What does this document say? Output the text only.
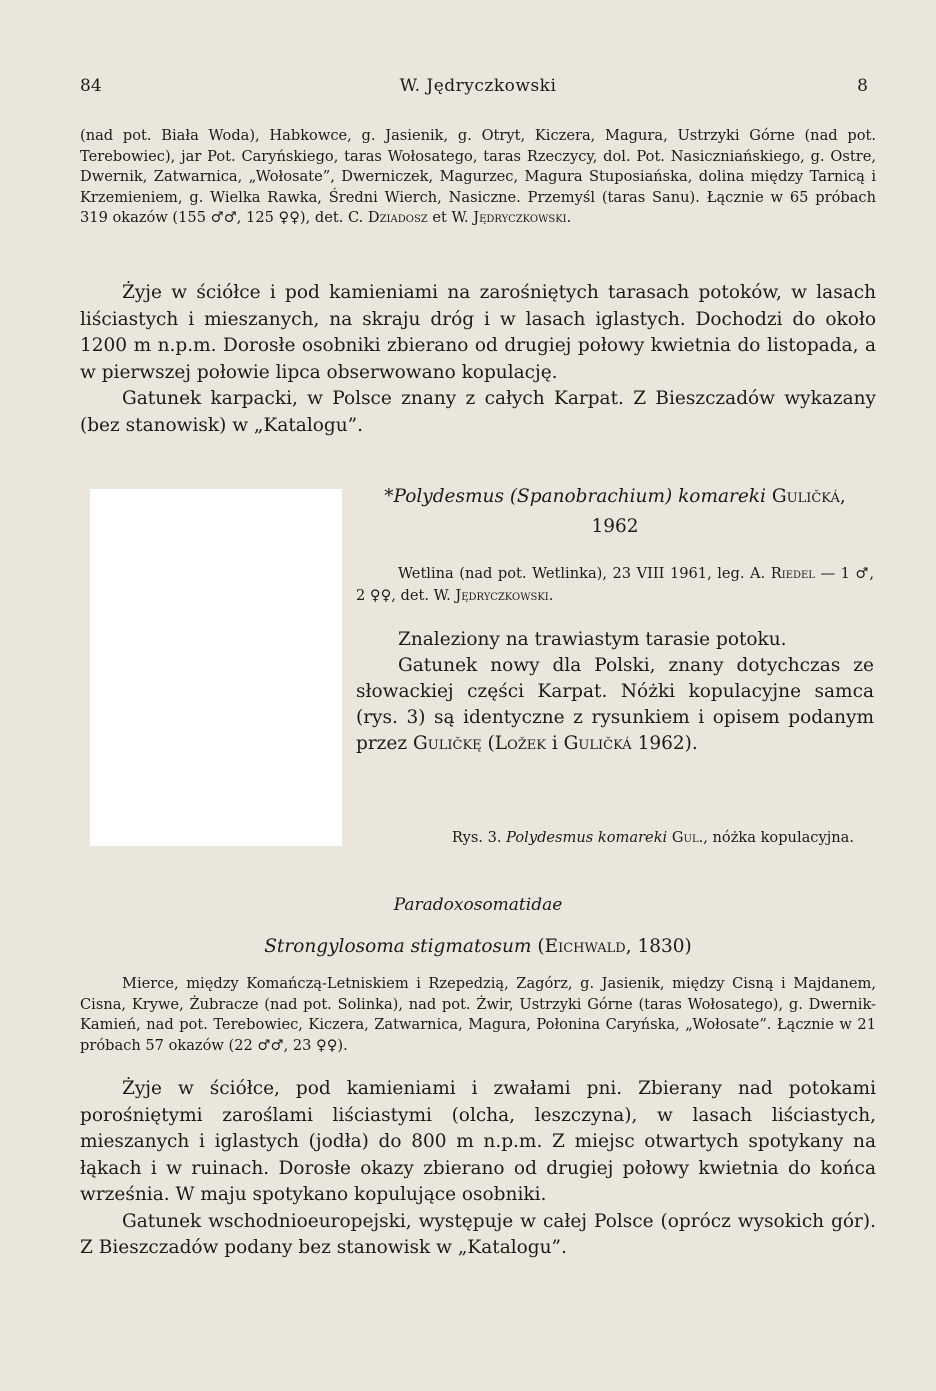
84	W. Jędryczkowski	8
(nad pot. Biała Woda), Habkowce, g. Jasienik, g. Otryt, Kiczera, Magura, Ustrzyki Górne (nad pot. Terebowiec), jar Pot. Caryńskiego, taras Wołosatego, taras Rzeczycy, dol. Pot. Nasiczniańskiego, g. Ostre, Dwernik, Zatwarnica, „Wołosate”, Dwerniczek, Magurzec, Magura Stuposiańska, dolina między Tarnicą i Krzemieniem, g. Wielka Rawka, Średni Wierch, Nasiczne. Przemyśl (taras Sanu). Łącznie w 65 próbach 319 okazów (155 ♂♂, 125 ♀♀), det. C. Dziadosz et W. Jędryczkowski.

Żyje w ściółce i pod kamieniami na zarośniętych tarasach potoków, w lasach liściastych i mieszanych, na skraju dróg i w lasach iglastych. Dochodzi do około 1200 m n.p.m. Dorosłe osobniki zbierano od drugiej połowy kwietnia do listopada, a w pierwszej połowie lipca obserwowano kopulację.

Gatunek karpacki, w Polsce znany z całych Karpat. Z Bieszczadów wykazany (bez stanowisk) w „Katalogu”.

*Polydesmus (Spanobrachium) komareki Guličká,
1962

Wetlina (nad pot. Wetlinka), 23 VIII 1961, leg. A. Riedel — 1 ♂, 2 ♀♀, det. W. Jędryczkowski.

Znaleziony na trawiastym tarasie potoku.

Gatunek nowy dla Polski, znany dotychczas ze słowackiej części Karpat. Nóżki kopulacyjne samca (rys. 3) są identyczne z rysunkiem i opisem podanym przez Guličkę (Ložek i Guličká 1962).

Rys. 3. Polydesmus komareki Gul., nóżka kopulacyjna.
Paradoxosomatidae
Strongylosoma stigmatosum (Eichwald, 1830)

Mierce, między Komańczą-Letniskiem i Rzepedzią, Zagórz, g. Jasienik, między Cisną i Majdanem, Cisna, Krywe, Żubracze (nad pot. Solinka), nad pot. Żwir, Ustrzyki Górne (taras Wołosatego), g. Dwernik-Kamień, nad pot. Terebowiec, Kiczera, Zatwarnica, Magura, Połonina Caryńska, „Wołosate”. Łącznie w 21 próbach 57 okazów (22 ♂♂, 23 ♀♀).

Żyje w ściółce, pod kamieniami i zwałami pni. Zbierany nad potokami porośniętymi zaroślami liściastymi (olcha, leszczyna), w lasach liściastych, mieszanych i iglastych (jodła) do 800 m n.p.m. Z miejsc otwartych spotykany na łąkach i w ruinach. Dorosłe okazy zbierano od drugiej połowy kwietnia do końca września. W maju spotykano kopulujące osobniki.

Gatunek wschodnioeuropejski, występuje w całej Polsce (oprócz wysokich gór). Z Bieszczadów podany bez stanowisk w „Katalogu”.
